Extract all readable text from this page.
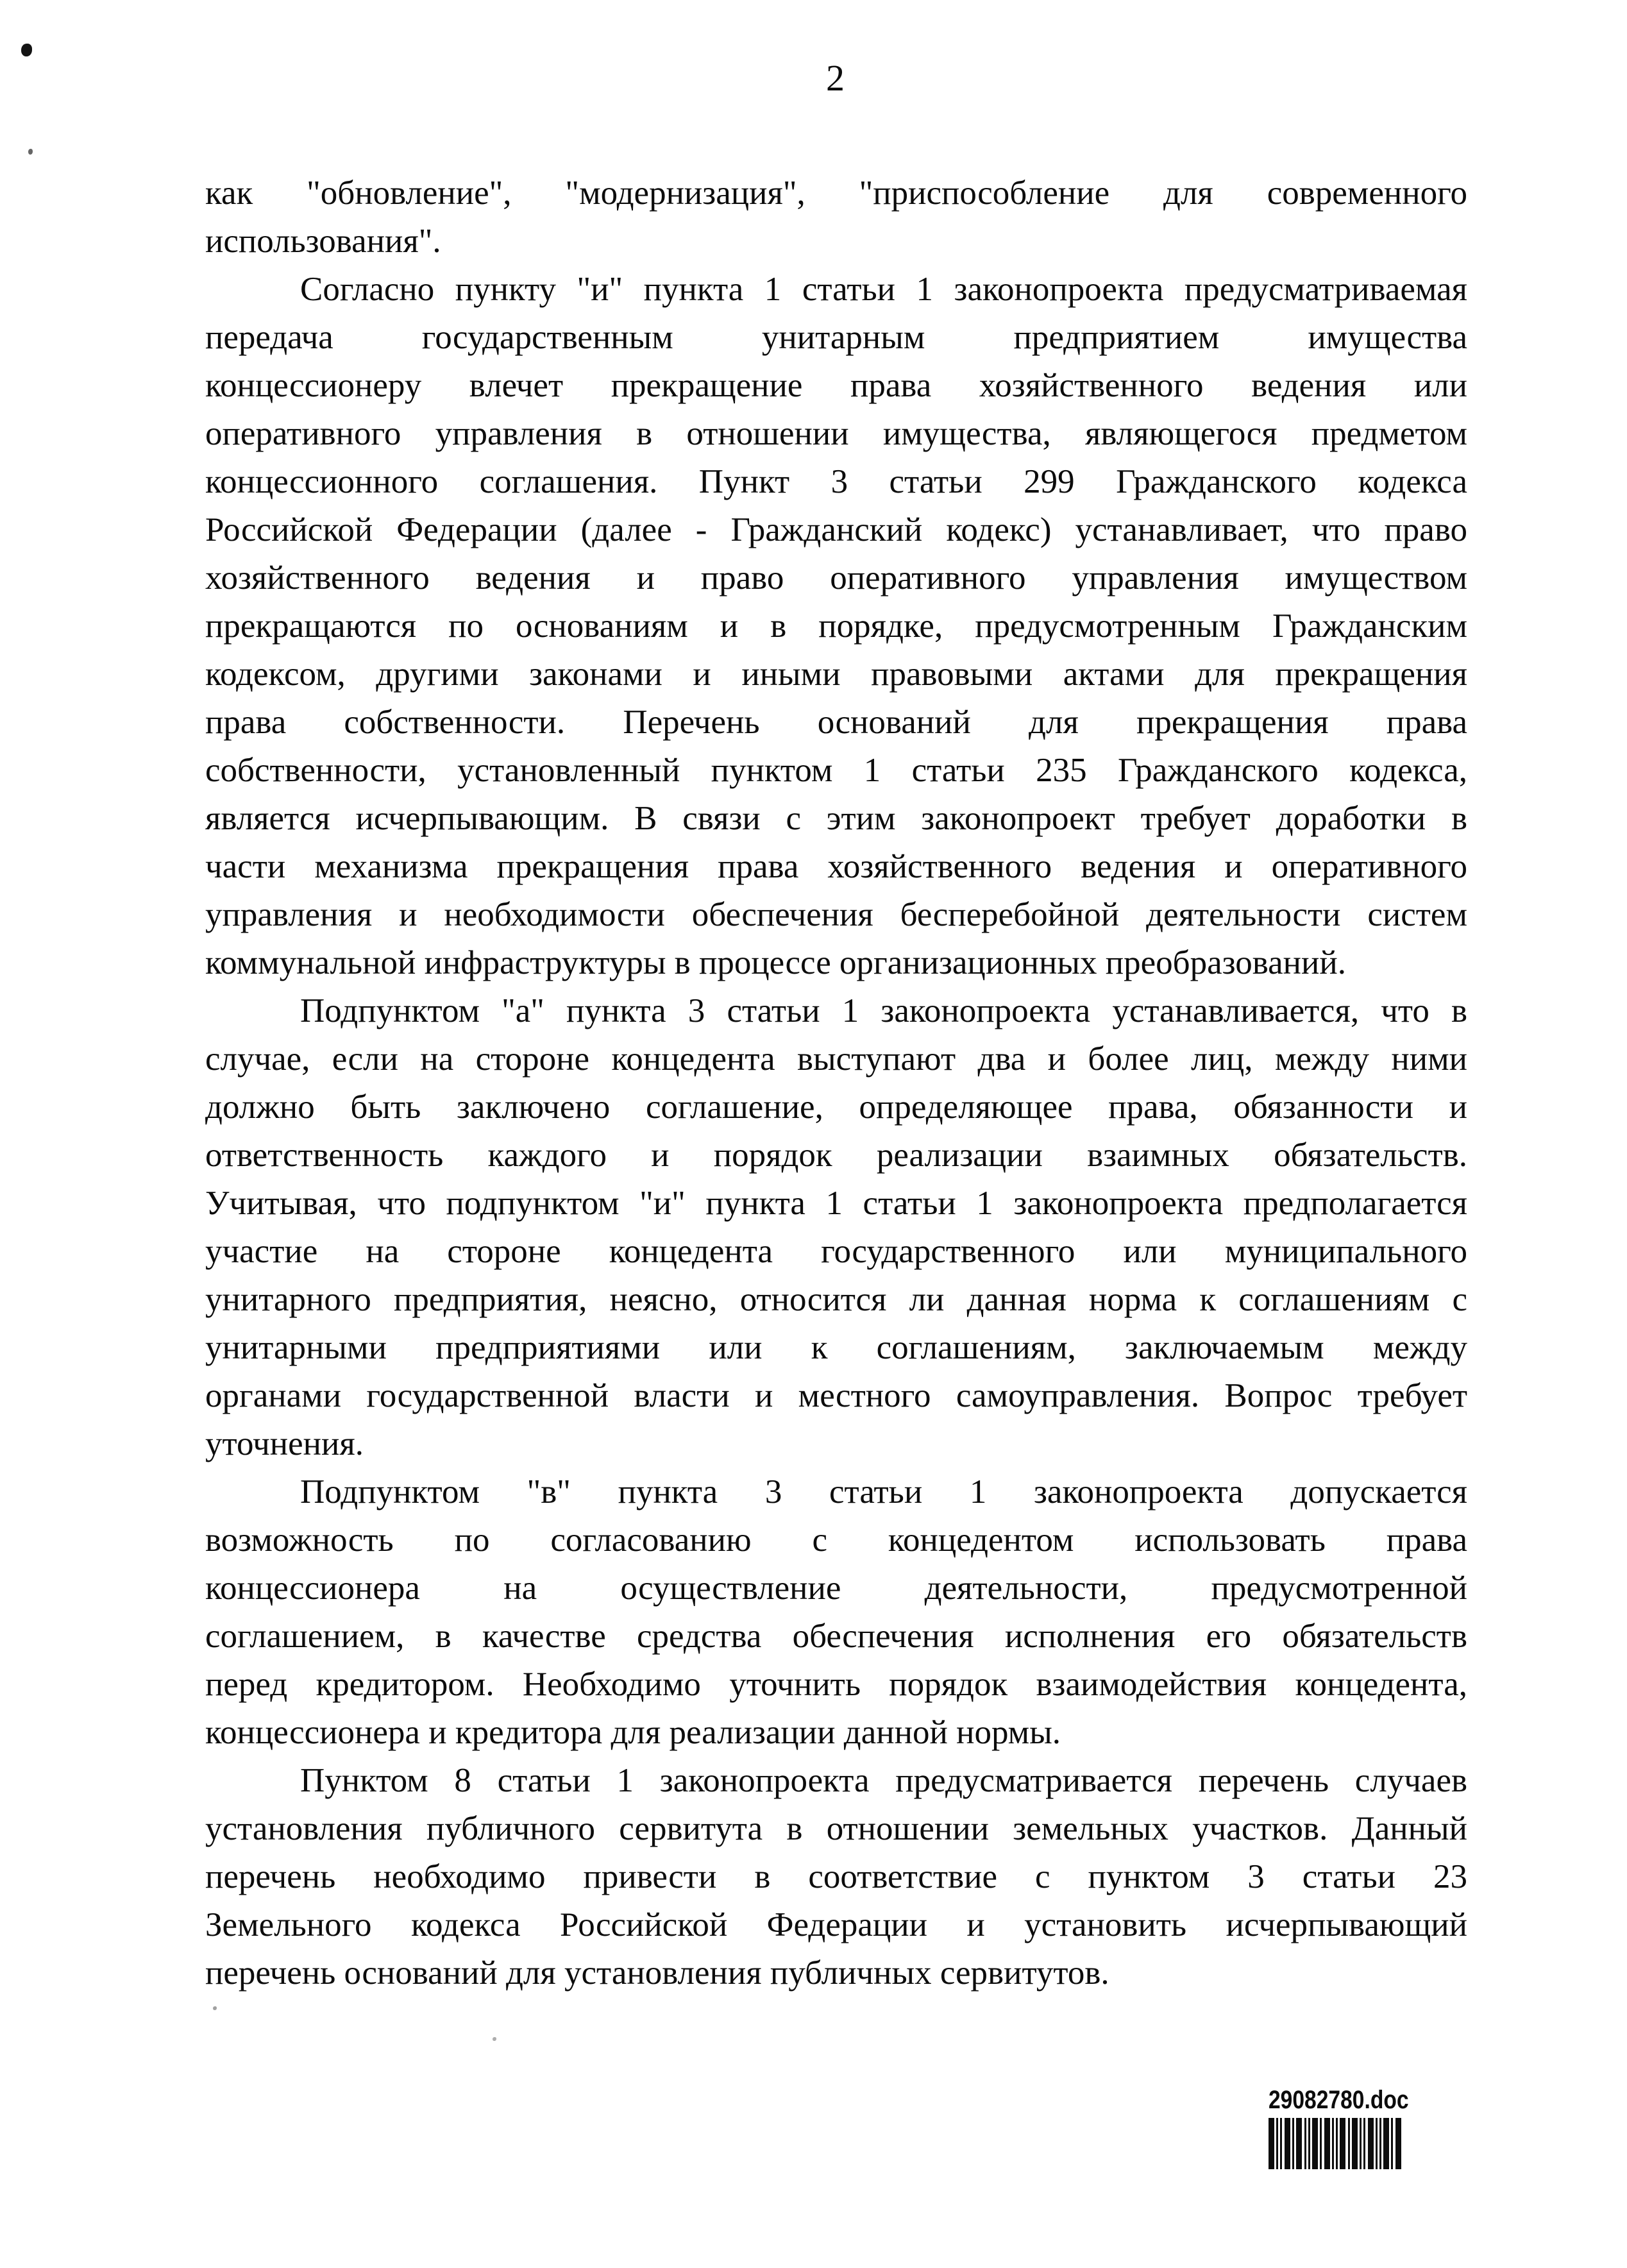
2
как "обновление", "модернизация", "приспособление для современного
использования".
Согласно пункту "и" пункта 1 статьи 1 законопроекта предусматриваемая
передача государственным унитарным предприятием имущества
концессионеру влечет прекращение права хозяйственного ведения или
оперативного управления в отношении имущества, являющегося предметом
концессионного соглашения. Пункт 3 статьи 299 Гражданского кодекса
Российской Федерации (далее - Гражданский кодекс) устанавливает, что право
хозяйственного ведения и право оперативного управления имуществом
прекращаются по основаниям и в порядке, предусмотренным Гражданским
кодексом, другими законами и иными правовыми актами для прекращения
права собственности. Перечень оснований для прекращения права
собственности, установленный пунктом 1 статьи 235 Гражданского кодекса,
является исчерпывающим. В связи с этим законопроект требует доработки в
части механизма прекращения права хозяйственного ведения и оперативного
управления и необходимости обеспечения бесперебойной деятельности систем
коммунальной инфраструктуры в процессе организационных преобразований.
Подпунктом "а" пункта 3 статьи 1 законопроекта устанавливается, что в
случае, если на стороне концедента выступают два и более лиц, между ними
должно быть заключено соглашение, определяющее права, обязанности и
ответственность каждого и порядок реализации взаимных обязательств.
Учитывая, что подпунктом "и" пункта 1 статьи 1 законопроекта предполагается
участие на стороне концедента государственного или муниципального
унитарного предприятия, неясно, относится ли данная норма к соглашениям с
унитарными предприятиями или к соглашениям, заключаемым между
органами государственной власти и местного самоуправления. Вопрос требует
уточнения.
Подпунктом "в" пункта 3 статьи 1 законопроекта допускается
возможность по согласованию с концедентом использовать права
концессионера на осуществление деятельности, предусмотренной
соглашением, в качестве средства обеспечения исполнения его обязательств
перед кредитором. Необходимо уточнить порядок взаимодействия концедента,
концессионера и кредитора для реализации данной нормы.
Пунктом 8 статьи 1 законопроекта предусматривается перечень случаев
установления публичного сервитута в отношении земельных участков. Данный
перечень необходимо привести в соответствие с пунктом 3 статьи 23
Земельного кодекса Российской Федерации и установить исчерпывающий
перечень оснований для установления публичных сервитутов.
29082780.doc
